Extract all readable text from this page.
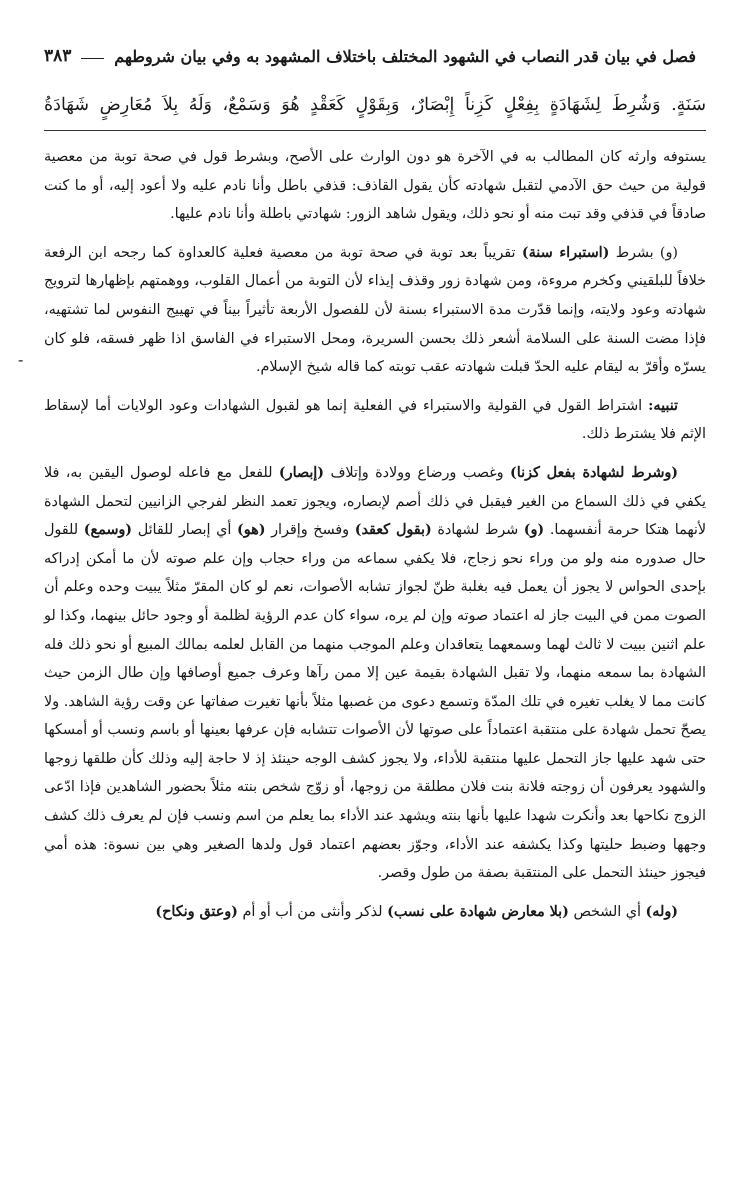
فصل في بيان قدر النصاب في الشهود المختلف باختلاف المشهود به وفي بيان شروطهم
٣٨٣
سَنَةٍ. وَشُرِطَ لِشَهَادَةٍ بِفِعْلٍ كَزِناً إِبْصَارٌ، وَبِقَوْلٍ كَعَقْدٍ هُوَ وَسَمْعٌ، وَلَهُ بِلاَ مُعَارِضٍ شَهَادَةُ

يستوفه وارثه كان المطالب به في الآخرة هو دون الوارث على الأصح، وبشرط قول في صحة توبة من معصية قولية من حيث حق الآدمي لتقبل شهادته كأن يقول القاذف: قذفي باطل وأنا نادم عليه ولا أعود إليه، أو ما كنت صادقاً في قذفي وقد تبت منه أو نحو ذلك، ويقول شاهد الزور: شهادتي باطلة وأنا نادم عليها.

(و) بشرط (استبراء سنة) تقريباً بعد توبة في صحة توبة من معصية فعلية كالعداوة كما رجحه ابن الرفعة خلافاً للبلقيني وكخرم مروءة، ومن شهادة زور وقذف إيذاء لأن التوبة من أعمال القلوب، ووهمتهم بإظهارها لترويج شهادته وعود ولايته، وإنما قدّرت مدة الاستبراء بسنة لأن للفصول الأربعة تأثيراً بيناً في تهييج النفوس لما تشتهيه، فإذا مضت السنة على السلامة أشعر ذلك بحسن السريرة، ومحل الاستبراء في الفاسق اذا ظهر فسقه، فلو كان يسرّه وأقرّ به ليقام عليه الحدّ قبلت شهادته عقب توبته كما قاله شيخ الإسلام.

تنبيه: اشتراط القول في القولية والاستبراء في الفعلية إنما هو لقبول الشهادات وعود الولايات أما لإسقاط الإثم فلا يشترط ذلك.

(وشرط لشهادة بفعل كزنا) وغصب ورضاع وولادة وإتلاف (إبصار) للفعل مع فاعله لوصول اليقين به، فلا يكفي في ذلك السماع من الغير فيقبل في ذلك أصم لإبصاره، ويجوز تعمد النظر لفرجي الزانيين لتحمل الشهادة لأنهما هتكا حرمة أنفسهما. (و) شرط لشهادة (بقول كعقد) وفسخ وإقرار (هو) أي إبصار للقائل (وسمع) للقول حال صدوره منه ولو من وراء نحو زجاج، فلا يكفي سماعه من وراء حجاب وإن علم صوته لأن ما أمكن إدراكه بإحدى الحواس لا يجوز أن يعمل فيه بغلبة ظنّ لجواز تشابه الأصوات، نعم لو كان المقرّ مثلاً يبيت وحده وعلم أن الصوت ممن في البيت جاز له اعتماد صوته وإن لم يره، سواء كان عدم الرؤية لظلمة أو وجود حائل بينهما، وكذا لو علم اثنين ببيت لا ثالث لهما وسمعهما يتعاقدان وعلم الموجب منهما من القابل لعلمه بمالك المبيع أو نحو ذلك فله الشهادة بما سمعه منهما، ولا تقبل الشهادة بقيمة عين إلا ممن رآها وعرف جميع أوصافها وإن طال الزمن حيث كانت مما لا يغلب تغيره في تلك المدّة وتسمع دعوى من غصبها مثلاً بأنها تغيرت صفاتها عن وقت رؤية الشاهد. ولا يصحّ تحمل شهادة على منتقبة اعتماداً على صوتها لأن الأصوات تتشابه فإن عرفها بعينها أو باسم ونسب أو أمسكها حتى شهد عليها جاز التحمل عليها منتقبة للأداء، ولا يجوز كشف الوجه حينئذ إذ لا حاجة إليه وذلك كأن طلقها زوجها والشهود يعرفون أن زوجته فلانة بنت فلان مطلقة من زوجها، أو زوّج شخص بنته مثلاً بحضور الشاهدين فإذا ادّعى الزوج نكاحها بعد وأنكرت شهدا عليها بأنها بنته ويشهد عند الأداء بما يعلم من اسم ونسب فإن لم يعرف ذلك كشف وجهها وضبط حليتها وكذا يكشفه عند الأداء، وجوّز بعضهم اعتماد قول ولدها الصغير وهي بين نسوة: هذه أمي فيجوز حينئذ التحمل على المنتقبة بصفة من طول وقصر.

(وله) أي الشخص (بلا معارض شهادة على نسب) لذكر وأنثى من أب أو أم (وعتق ونكاح)

-
